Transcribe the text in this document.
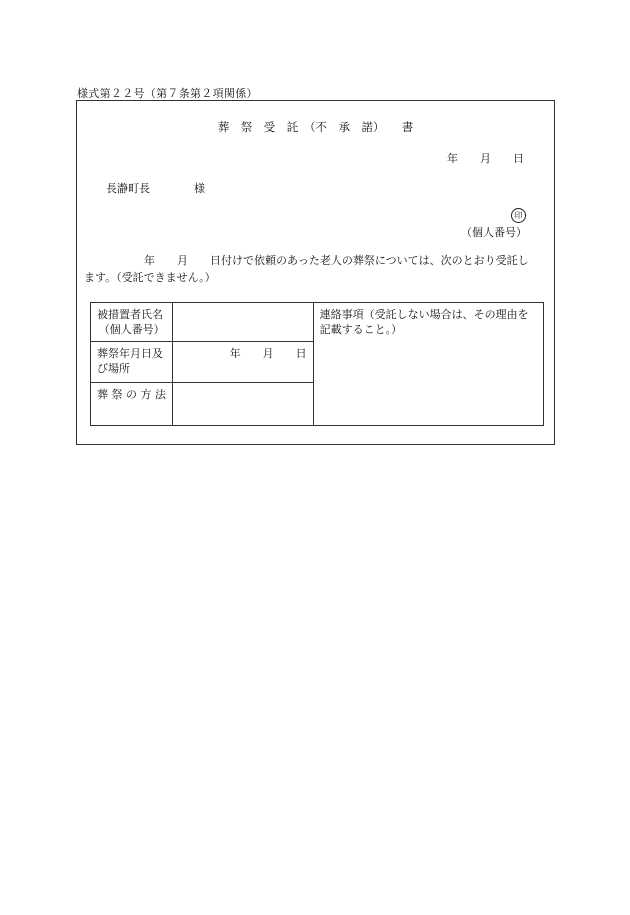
様式第２２号（第７条第２項関係）
葬　祭　受　託　（不　承　諾）　　書
年　　月　　日
長瀞町長　　　　様
印
（個人番号）
年　　月　　日付けで依頼のあった老人の葬祭については、次のとおり受託し
ます。（受託できません。）
被措置者氏名
（個人番号）		連絡事項（受託しない場合は、その理由を記載すること。）

葬祭年月日及び場所	年　　月　　日	
葬 祭 の 方 法		
